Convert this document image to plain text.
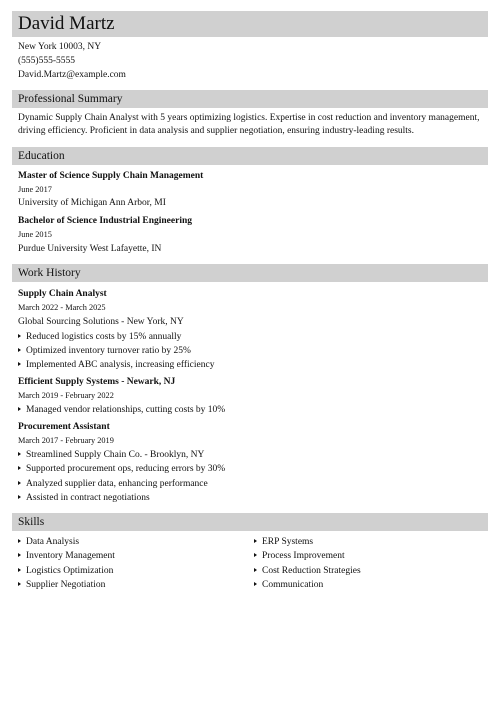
David Martz
New York 10003, NY
(555)555-5555
David.Martz@example.com
Professional Summary
Dynamic Supply Chain Analyst with 5 years optimizing logistics. Expertise in cost reduction and inventory management, driving efficiency. Proficient in data analysis and supplier negotiation, ensuring industry-leading results.
Education
Master of Science Supply Chain Management
June 2017
University of Michigan Ann Arbor, MI
Bachelor of Science Industrial Engineering
June 2015
Purdue University West Lafayette, IN
Work History
Supply Chain Analyst
March 2022 - March 2025
Global Sourcing Solutions - New York, NY
Reduced logistics costs by 15% annually
Optimized inventory turnover ratio by 25%
Implemented ABC analysis, increasing efficiency
Efficient Supply Systems - Newark, NJ
March 2019 - February 2022
Managed vendor relationships, cutting costs by 10%
Procurement Assistant
March 2017 - February 2019
Streamlined Supply Chain Co. - Brooklyn, NY
Supported procurement ops, reducing errors by 30%
Analyzed supplier data, enhancing performance
Assisted in contract negotiations
Skills
Data Analysis
Inventory Management
Logistics Optimization
Supplier Negotiation
ERP Systems
Process Improvement
Cost Reduction Strategies
Communication
